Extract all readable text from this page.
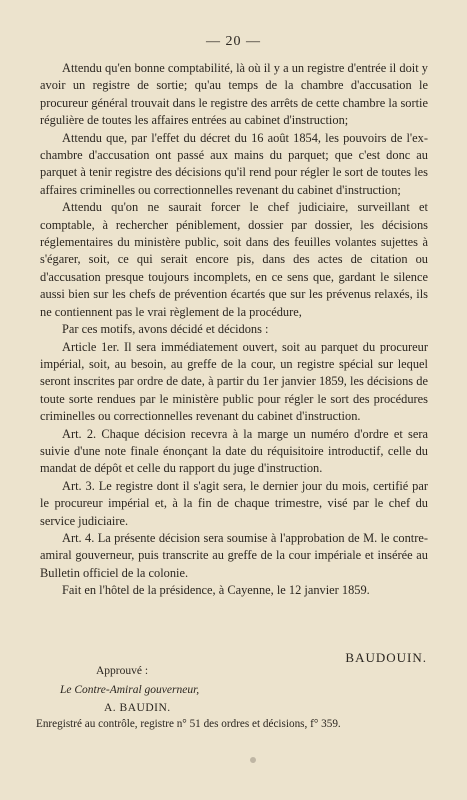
— 20 —

Attendu qu'en bonne comptabilité, là où il y a un registre d'entrée il doit y avoir un registre de sortie; qu'au temps de la chambre d'accusation le procureur général trouvait dans le registre des arrêts de cette chambre la sortie régulière de toutes les affaires entrées au cabinet d'instruction;

Attendu que, par l'effet du décret du 16 août 1854, les pouvoirs de l'ex-chambre d'accusation ont passé aux mains du parquet; que c'est donc au parquet à tenir registre des décisions qu'il rend pour régler le sort de toutes les affaires criminelles ou correctionnelles revenant du cabinet d'instruction;

Attendu qu'on ne saurait forcer le chef judiciaire, surveillant et comptable, à rechercher péniblement, dossier par dossier, les décisions réglementaires du ministère public, soit dans des feuilles volantes sujettes à s'égarer, soit, ce qui serait encore pis, dans des actes de citation ou d'accusation presque toujours incomplets, en ce sens que, gardant le silence aussi bien sur les chefs de prévention écartés que sur les prévenus relaxés, ils ne contiennent pas le vrai règlement de la procédure,

Par ces motifs, avons décidé et décidons :

Article 1er. Il sera immédiatement ouvert, soit au parquet du procureur impérial, soit, au besoin, au greffe de la cour, un registre spécial sur lequel seront inscrites par ordre de date, à partir du 1er janvier 1859, les décisions de toute sorte rendues par le ministère public pour régler le sort des procédures criminelles ou correctionnelles revenant du cabinet d'instruction.

Art. 2. Chaque décision recevra à la marge un numéro d'ordre et sera suivie d'une note finale énonçant la date du réquisitoire introductif, celle du mandat de dépôt et celle du rapport du juge d'instruction.

Art. 3. Le registre dont il s'agit sera, le dernier jour du mois, certifié par le procureur impérial et, à la fin de chaque trimestre, visé par le chef du service judiciaire.

Art. 4. La présente décision sera soumise à l'approbation de M. le contre-amiral gouverneur, puis transcrite au greffe de la cour impériale et insérée au Bulletin officiel de la colonie.

Fait en l'hôtel de la présidence, à Cayenne, le 12 janvier 1859.

BAUDOUIN.
Approuvé :
Le Contre-Amiral gouverneur,
A. BAUDIN.
Enregistré au contrôle, registre n° 51 des ordres et décisions, f° 359.
